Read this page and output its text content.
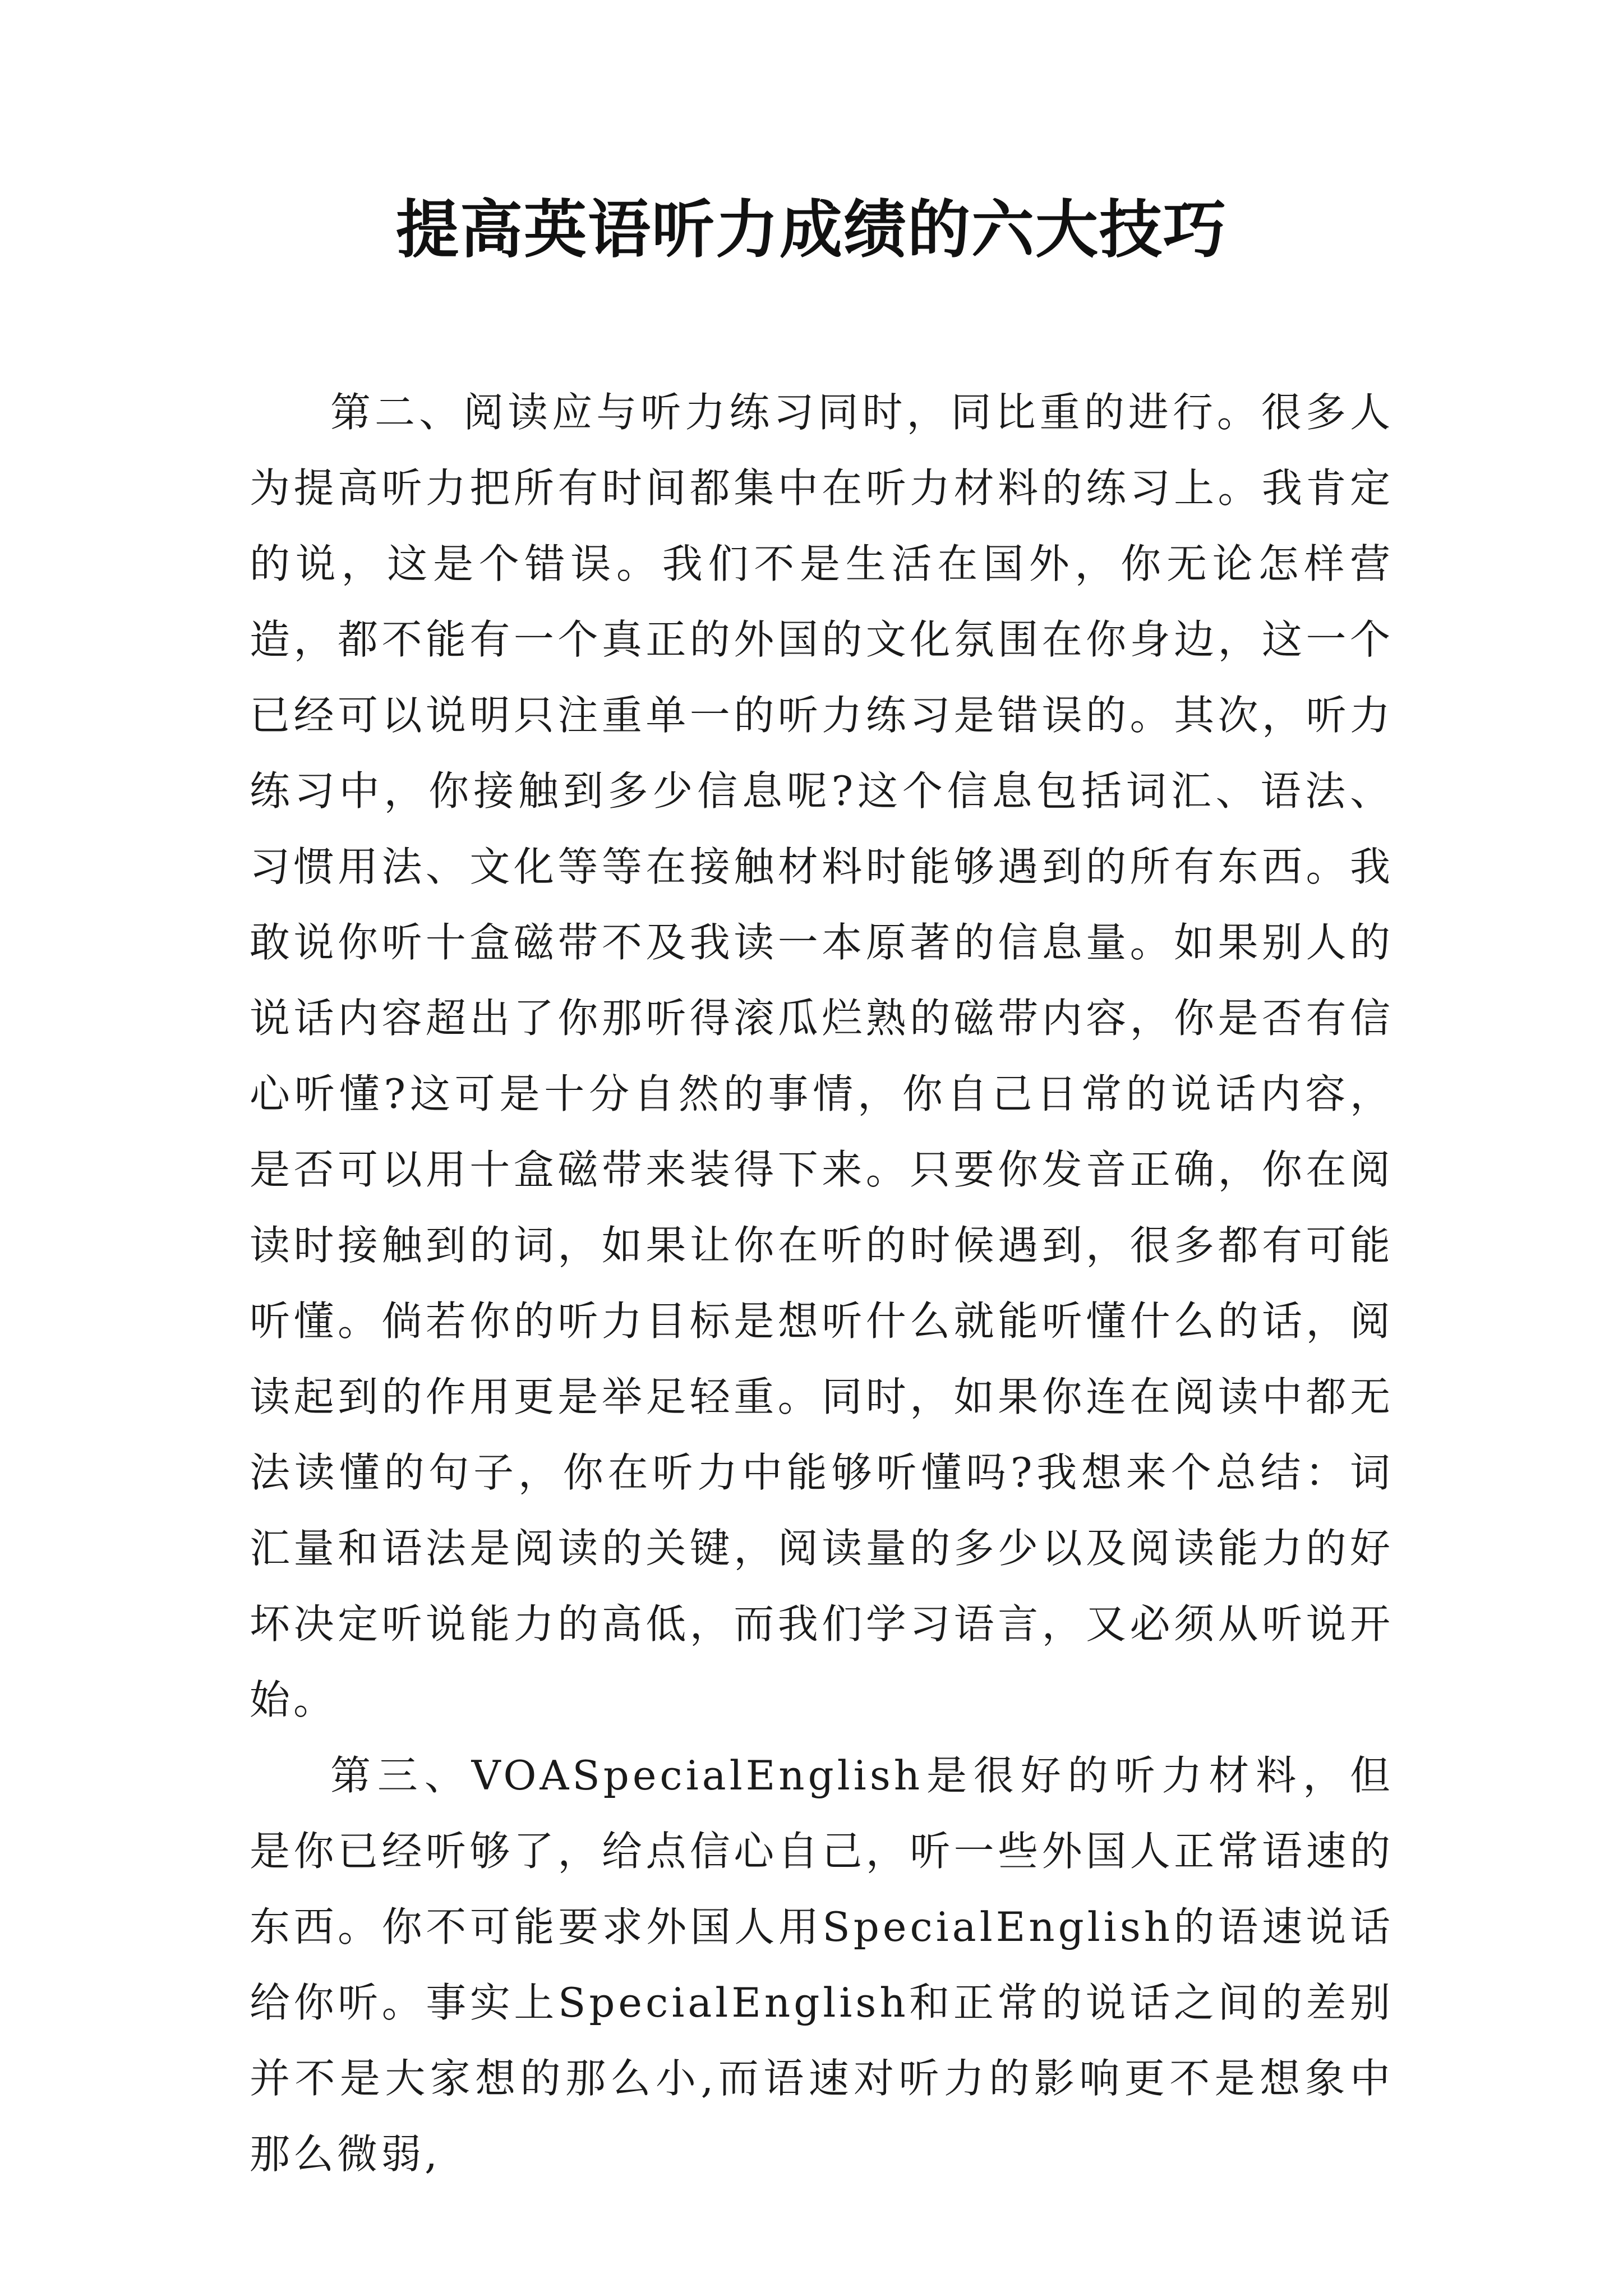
提高英语听力成绩的六大技巧

第二、阅读应与听力练习同时，同比重的进行。很多人为提高听力把所有时间都集中在听力材料的练习上。我肯定的说，这是个错误。我们不是生活在国外，你无论怎样营造，都不能有一个真正的外国的文化氛围在你身边，这一个已经可以说明只注重单一的听力练习是错误的。其次，听力练习中，你接触到多少信息呢?这个信息包括词汇、语法、习惯用法、文化等等在接触材料时能够遇到的所有东西。我敢说你听十盒磁带不及我读一本原著的信息量。如果别人的说话内容超出了你那听得滚瓜烂熟的磁带内容，你是否有信心听懂?这可是十分自然的事情，你自己日常的说话内容，是否可以用十盒磁带来装得下来。只要你发音正确，你在阅读时接触到的词，如果让你在听的时候遇到，很多都有可能听懂。倘若你的听力目标是想听什么就能听懂什么的话，阅读起到的作用更是举足轻重。同时，如果你连在阅读中都无法读懂的句子，你在听力中能够听懂吗?我想来个总结：词汇量和语法是阅读的关键，阅读量的多少以及阅读能力的好坏决定听说能力的高低，而我们学习语言，又必须从听说开始。

第三、VOASpecialEnglish是很好的听力材料，但是你已经听够了，给点信心自己，听一些外国人正常语速的东西。你不可能要求外国人用SpecialEnglish的语速说话给你听。事实上SpecialEnglish和正常的说话之间的差别并不是大家想的那么小,而语速对听力的影响更不是想象中那么微弱,
